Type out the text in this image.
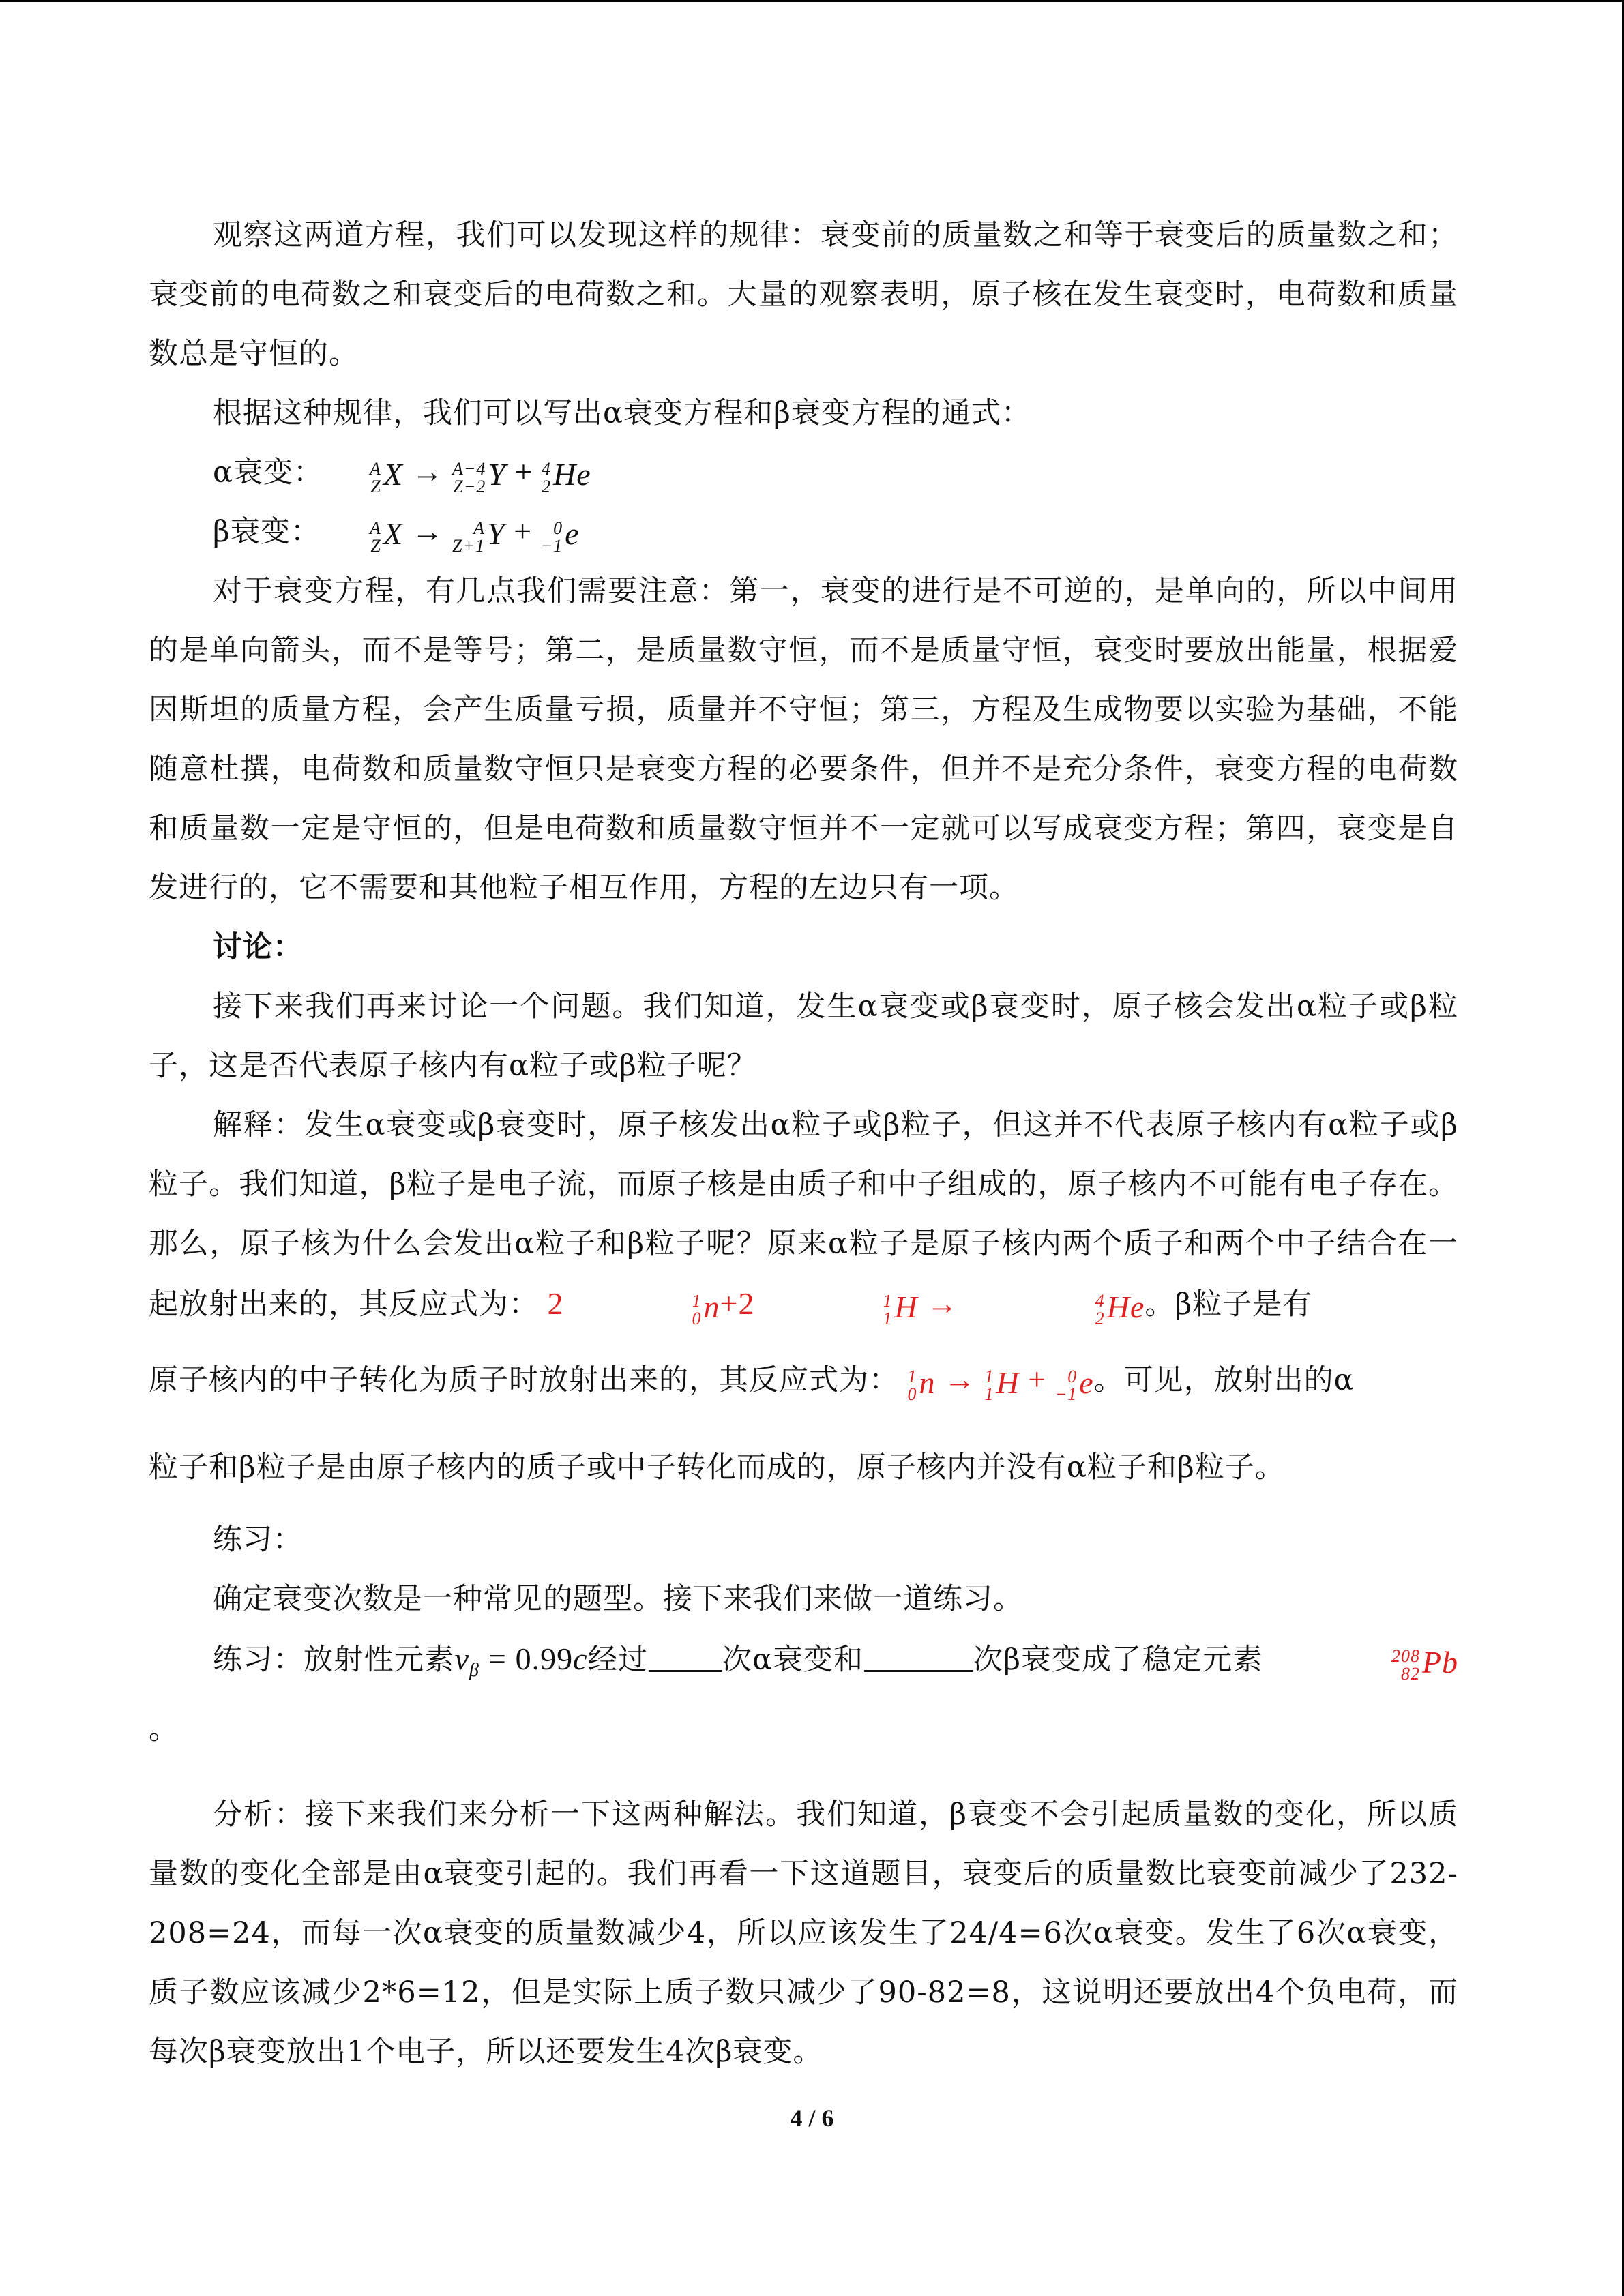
观察这两道方程，我们可以发现这样的规律：衰变前的质量数之和等于衰变后的质量数之和；衰变前的电荷数之和衰变后的电荷数之和。大量的观察表明，原子核在发生衰变时，电荷数和质量数总是守恒的。

根据这种规律，我们可以写出α衰变方程和β衰变方程的通式：

α衰变：	A
Z X → A−4
Z−2 Y + 4
2 He
β衰变：	A
Z X →	A
Z+1 Y +	0
−1 e

对于衰变方程，有几点我们需要注意：第一，衰变的进行是不可逆的，是单向的，所以中间用的是单向箭头，而不是等号；第二，是质量数守恒，而不是质量守恒，衰变时要放出能量，根据爱因斯坦的质量方程，会产生质量亏损，质量并不守恒；第三，方程及生成物要以实验为基础，不能随意杜撰，电荷数和质量数守恒只是衰变方程的必要条件，但并不是充分条件，衰变方程的电荷数和质量数一定是守恒的，但是电荷数和质量数守恒并不一定就可以写成衰变方程；第四，衰变是自发进行的，它不需要和其他粒子相互作用，方程的左边只有一项。

讨论：

接下来我们再来讨论一个问题。我们知道，发生α衰变或β衰变时，原子核会发出α粒子或β粒子，这是否代表原子核内有α粒子或β粒子呢？

解释：发生α衰变或β衰变时，原子核发出α粒子或β粒子，但这并不代表原子核内有α粒子或β粒子。我们知道，β粒子是电子流，而原子核是由质子和中子组成的，原子核内不可能有电子存在。那么，原子核为什么会发出α粒子和β粒子呢？原来α粒子是原子核内两个质子和两个中子结合在一起放射出来的，其反应式为： 2	1
0 n+2	1
1 H →	4
2 He。β粒子是有

原子核内的中子转化为质子时放射出来的，其反应式为： 1
0 n → 1
1 H +	0
−1 e。可见，放射出的α

粒子和β粒子是由原子核内的质子或中子转化而成的，原子核内并没有α粒子和β粒子。

练习：

确定衰变次数是一种常见的题型。接下来我们来做一道练习。

练习：放射性元素$v_\beta = 0.99c$经过	次α衰变和	次β衰变成了稳定元素	208
82 Pb。

分析：接下来我们来分析一下这两种解法。我们知道，β衰变不会引起质量数的变化，所以质量数的变化全部是由α衰变引起的。我们再看一下这道题目，衰变后的质量数比衰变前减少了232-208=24，而每一次α衰变的质量数减少4，所以应该发生了24/4=6次α衰变。发生了6次α衰变，质子数应该减少2*6=12，但是实际上质子数只减少了90-82=8，这说明还要放出4个负电荷，而每次β衰变放出1个电子，所以还要发生4次β衰变。

4 / 6
